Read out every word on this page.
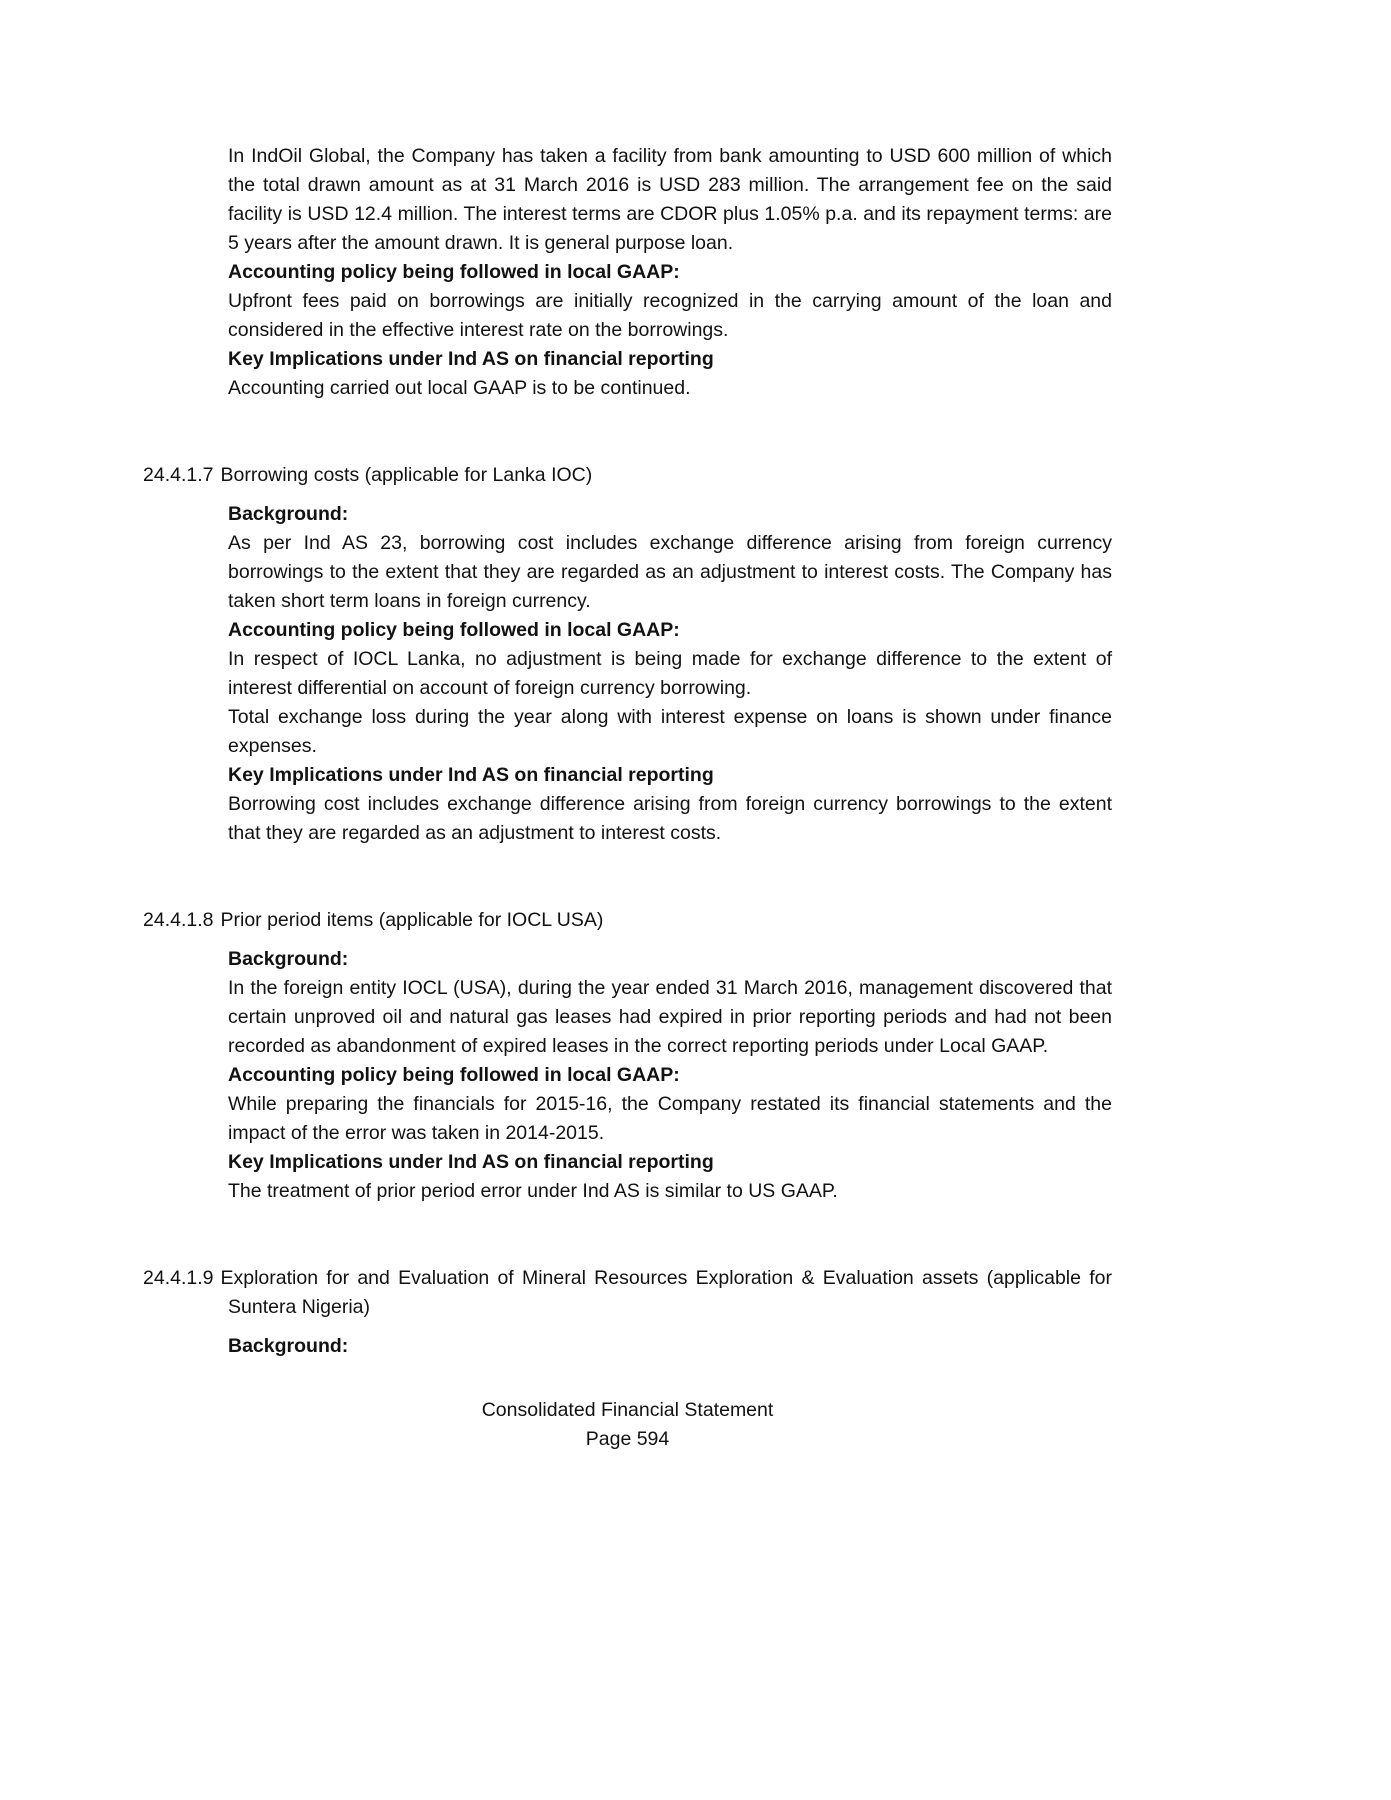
In IndOil Global, the Company has taken a facility from bank amounting to USD 600 million of which the total drawn amount as at 31 March 2016 is USD 283 million. The arrangement fee on the said facility is USD 12.4 million. The interest terms are CDOR plus 1.05% p.a. and its repayment terms: are 5 years after the amount drawn. It is general purpose loan.

Accounting policy being followed in local GAAP:

Upfront fees paid on borrowings are initially recognized in the carrying amount of the loan and considered in the effective interest rate on the borrowings.

Key Implications under Ind AS on financial reporting

Accounting carried out local GAAP is to be continued.

24.4.1.7 Borrowing costs (applicable for Lanka IOC)

Background:

As per Ind AS 23, borrowing cost includes exchange difference arising from foreign currency borrowings to the extent that they are regarded as an adjustment to interest costs. The Company has taken short term loans in foreign currency.

Accounting policy being followed in local GAAP:

In respect of IOCL Lanka, no adjustment is being made for exchange difference to the extent of interest differential on account of foreign currency borrowing.

Total exchange loss during the year along with interest expense on loans is shown under finance expenses.

Key Implications under Ind AS on financial reporting

Borrowing cost includes exchange difference arising from foreign currency borrowings to the extent that they are regarded as an adjustment to interest costs.

24.4.1.8 Prior period items (applicable for IOCL USA)

Background:

In the foreign entity IOCL (USA), during the year ended 31 March 2016, management discovered that certain unproved oil and natural gas leases had expired in prior reporting periods and had not been recorded as abandonment of expired leases in the correct reporting periods under Local GAAP.

Accounting policy being followed in local GAAP:

While preparing the financials for 2015-16, the Company restated its financial statements and the impact of the error was taken in 2014-2015.

Key Implications under Ind AS on financial reporting

The treatment of prior period error under Ind AS is similar to US GAAP.

24.4.1.9 Exploration for and Evaluation of Mineral Resources Exploration & Evaluation assets (applicable for Suntera Nigeria)

Background:

Consolidated Financial Statement
Page 594
